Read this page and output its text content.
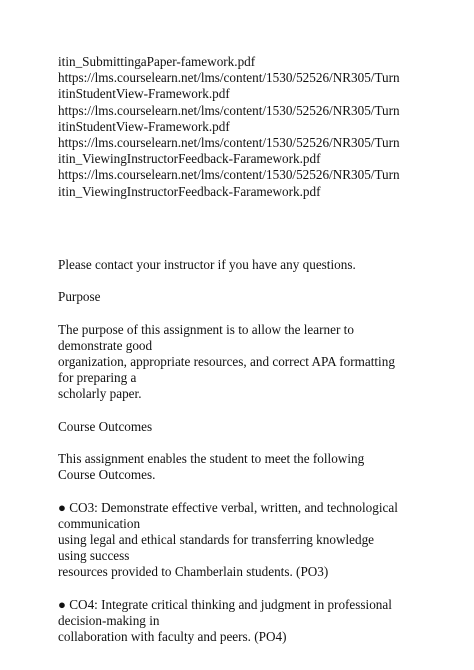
itin_SubmittingaPaper-famework.pdf
https://lms.courselearn.net/lms/content/1530/52526/NR305/Turn
itinStudentView-Framework.pdf
https://lms.courselearn.net/lms/content/1530/52526/NR305/Turn
itinStudentView-Framework.pdf
https://lms.courselearn.net/lms/content/1530/52526/NR305/Turn
itin_ViewingInstructorFeedback-Faramework.pdf
https://lms.courselearn.net/lms/content/1530/52526/NR305/Turn
itin_ViewingInstructorFeedback-Faramework.pdf
Please contact your instructor if you have any questions.
Purpose
The purpose of this assignment is to allow the learner to
demonstrate good
organization, appropriate resources, and correct APA formatting
for preparing a
scholarly paper.
Course Outcomes
This assignment enables the student to meet the following
Course Outcomes.
● CO3: Demonstrate effective verbal, written, and technological
communication
using legal and ethical standards for transferring knowledge
using success
resources provided to Chamberlain students. (PO3)
● CO4: Integrate critical thinking and judgment in professional
decision-making in
collaboration with faculty and peers. (PO4)
